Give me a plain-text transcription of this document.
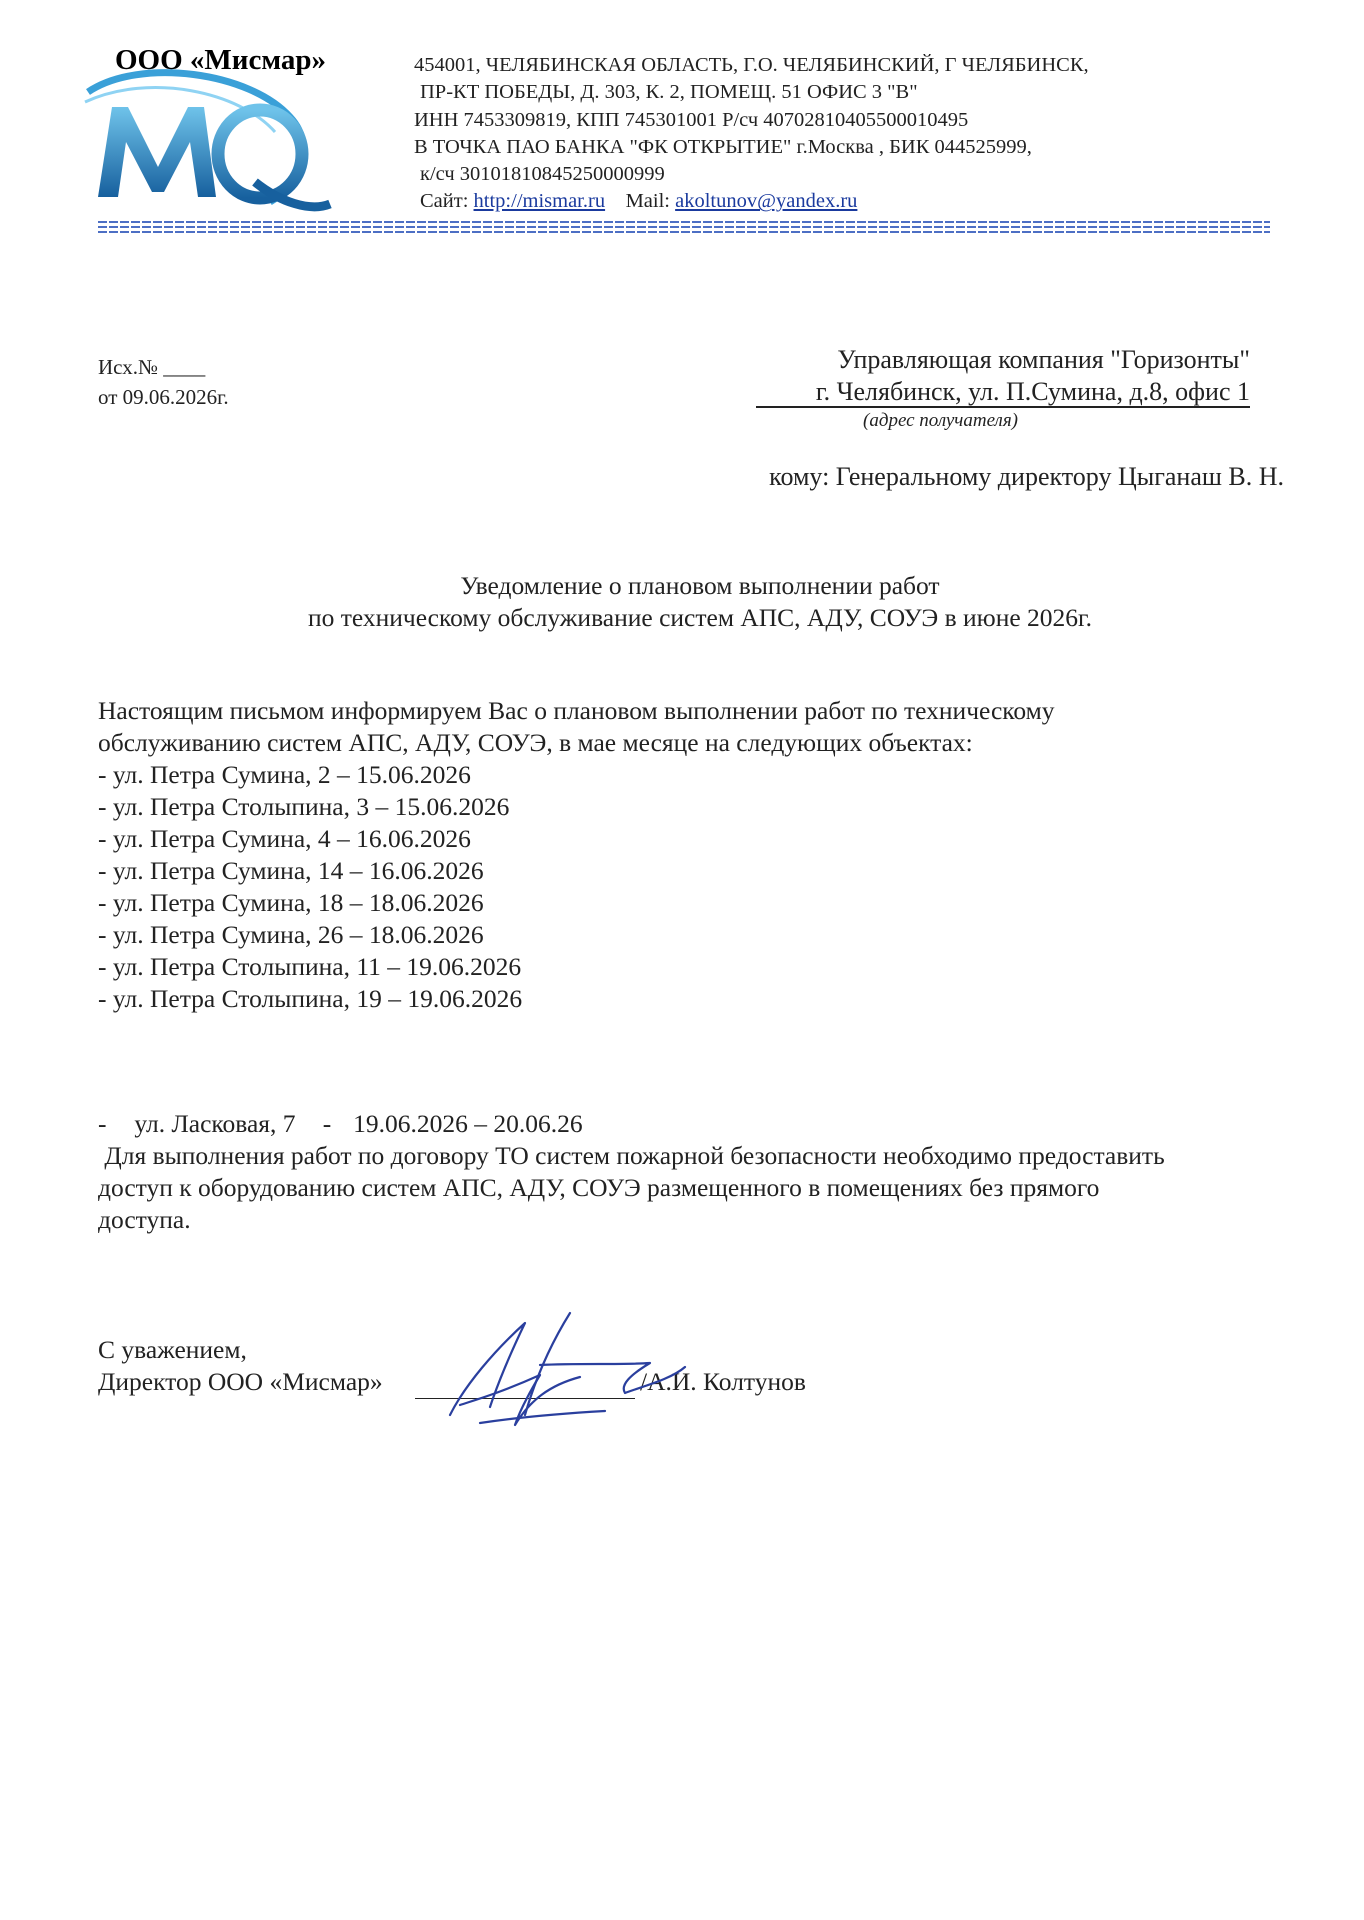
ООО «Мисмар»	454001, ЧЕЛЯБИНСКАЯ ОБЛАСТЬ, Г.О. ЧЕЛЯБИНСКИЙ, Г ЧЕЛЯБИНСК,
ПР-КТ ПОБЕДЫ, Д. 303, К. 2, ПОМЕЩ. 51 ОФИС 3 "В"
ИНН 7453309819, КПП 745301001 Р/сч 40702810405500010495
В ТОЧКА ПАО БАНКА "ФК ОТКРЫТИЕ" г.Москва , БИК 044525999,
к/сч 30101810845250000999
Сайт: http://mismar.ru Mail: akoltunov@yandex.ru
Исх.№ ____
от 09.06.2026г.
Управляющая компания "Горизонты"
г. Челябинск, ул. П.Сумина, д.8, офис 1
(адрес получателя)
кому: Генеральному директору Цыганаш В. Н.
Уведомление о плановом выполнении работ
по техническому обслуживание систем АПС, АДУ, СОУЭ в июне 2026г.
Настоящим письмом информируем Вас о плановом выполнении работ по техническому
обслуживанию систем АПС, АДУ, СОУЭ, в мае месяце на следующих объектах:
- ул. Петра Сумина, 2 – 15.06.2026
- ул. Петра Столыпина, 3 – 15.06.2026
- ул. Петра Сумина, 4 – 16.06.2026
- ул. Петра Сумина, 14 – 16.06.2026
- ул. Петра Сумина, 18 – 18.06.2026
- ул. Петра Сумина, 26 – 18.06.2026
- ул. Петра Столыпина, 11 – 19.06.2026
- ул. Петра Столыпина, 19 – 19.06.2026
- ул. Ласковая, 7 - 19.06.2026 – 20.06.26
Для выполнения работ по договору ТО систем пожарной безопасности необходимо предоставить
доступ к оборудованию систем АПС, АДУ, СОУЭ размещенного в помещениях без прямого
доступа.
С уважением,
Директор ООО «Мисмар»	/А.И. Колтунов
